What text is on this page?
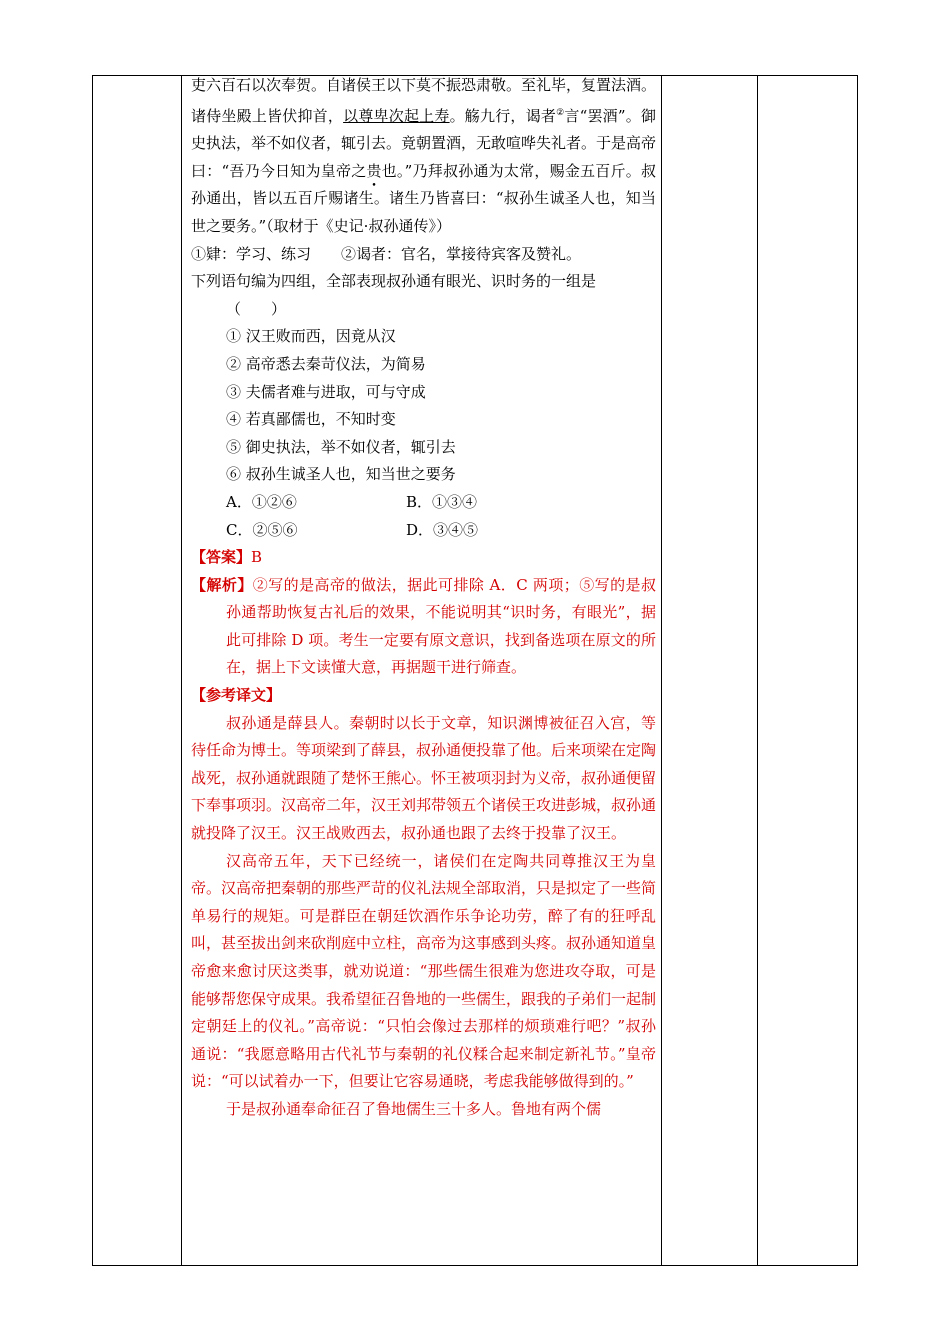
吏六百石以次奉贺。自诸侯王以下莫不振恐肃敬。至礼毕，复置法酒。诸侍坐殿上皆伏抑首，以尊卑次起上寿。觞九行，谒者②言“罢酒”。御史执法，举不如仪者，辄引去。竟朝置酒，无敢喧哗失礼者。于是高帝曰：“吾乃今日知为皇帝之贵也。”乃拜叔孙通为太常，赐金五百斤。叔孙通出，皆以五百斤赐诸生。诸生乃皆喜曰：“叔孙生诚圣人也，知当世之要务。”（取材于《史记·叔孙通传》）

①肄：学习、练习　　②谒者：官名，掌接待宾客及赞礼。

下列语句编为四组，全部表现叔孙通有眼光、识时务的一组是

（　　）

① 汉王败而西，因竟从汉

② 高帝悉去秦苛仪法，为简易

③ 夫儒者难与进取，可与守成

④ 若真鄙儒也，不知时变

⑤ 御史执法，举不如仪者，辄引去

⑥ 叔孙生诚圣人也，知当世之要务

A．①②⑥	B．①③④
C．②⑤⑥	D．③④⑤

【答案】B

【解析】②写的是高帝的做法，据此可排除 A．C 两项；⑤写的是叔孙通帮助恢复古礼后的效果，不能说明其“识时务，有眼光”，据此可排除 D 项。考生一定要有原文意识，找到备选项在原文的所在，据上下文读懂大意，再据题干进行筛查。

【参考译文】

叔孙通是薛县人。秦朝时以长于文章，知识渊博被征召入宫，等待任命为博士。等项梁到了薛县，叔孙通便投靠了他。后来项梁在定陶战死，叔孙通就跟随了楚怀王熊心。怀王被项羽封为义帝，叔孙通便留下奉事项羽。汉高帝二年，汉王刘邦带领五个诸侯王攻进彭城，叔孙通就投降了汉王。汉王战败西去，叔孙通也跟了去终于投靠了汉王。

汉高帝五年，天下已经统一，诸侯们在定陶共同尊推汉王为皇帝。汉高帝把秦朝的那些严苛的仪礼法规全部取消，只是拟定了一些简单易行的规矩。可是群臣在朝廷饮酒作乐争论功劳，醉了有的狂呼乱叫，甚至拔出剑来砍削庭中立柱，高帝为这事感到头疼。叔孙通知道皇帝愈来愈讨厌这类事，就劝说道：“那些儒生很难为您进攻夺取，可是能够帮您保守成果。我希望征召鲁地的一些儒生，跟我的子弟们一起制定朝廷上的仪礼。”高帝说：“只怕会像过去那样的烦琐难行吧？”叔孙通说：“我愿意略用古代礼节与秦朝的礼仪糅合起来制定新礼节。”皇帝说：“可以试着办一下，但要让它容易通晓，考虑我能够做得到的。”

于是叔孙通奉命征召了鲁地儒生三十多人。鲁地有两个儒
